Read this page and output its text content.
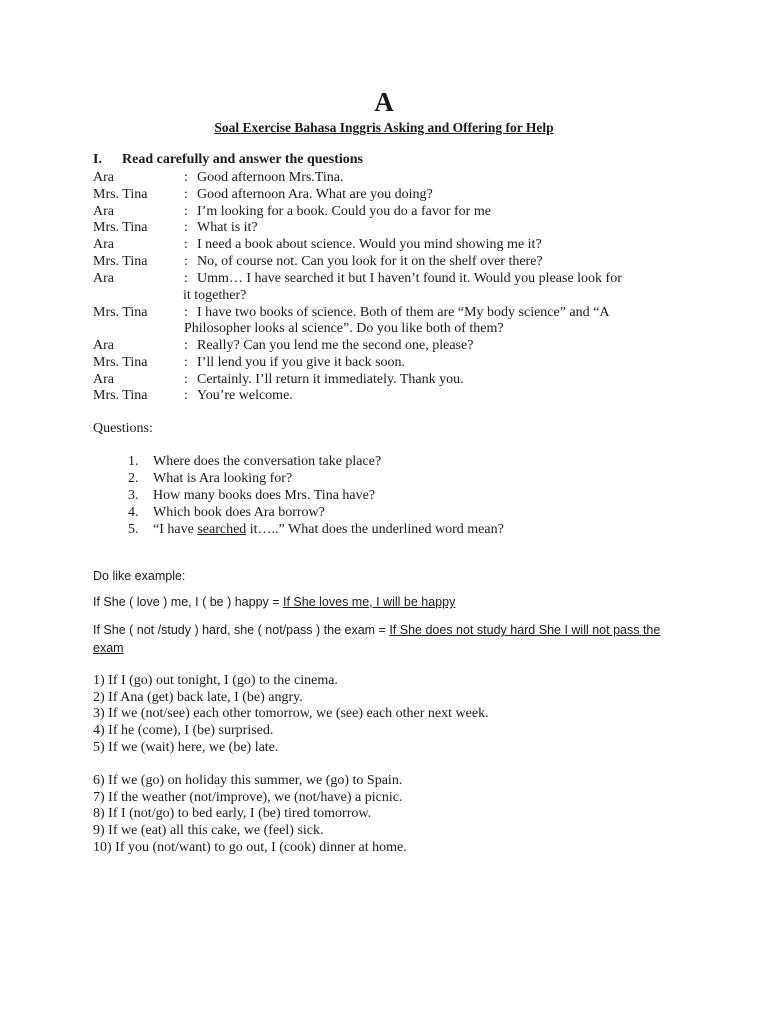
A
Soal Exercise Bahasa Inggris Asking and Offering for Help
I. Read carefully and answer the questions
Ara	: Good afternoon Mrs.Tina.
Mrs. Tina	: Good afternoon Ara. What are you doing?
Ara	: I’m looking for a book. Could you do a favor for me
Mrs. Tina	: What is it?
Ara	: I need a book about science. Would you mind showing me it?
Mrs. Tina	: No, of course not. Can you look for it on the shelf over there?
Ara	: Umm… I have searched it but I haven’t found it. Would you please look for
it together?
Mrs. Tina	: I have two books of science. Both of them are “My body science” and “A
Philosopher looks al science”. Do you like both of them?
Ara	: Really? Can you lend me the second one, please?
Mrs. Tina	: I’ll lend you if you give it back soon.
Ara	: Certainly. I’ll return it immediately. Thank you.
Mrs. Tina	: You’re welcome.
Questions:
1. Where does the conversation take place?
2. What is Ara looking for?
3. How many books does Mrs. Tina have?
4. Which book does Ara borrow?
5. “I have searched it…..” What does the underlined word mean?
Do like example:
If She ( love ) me, I ( be ) happy = If She loves me, I will be happy
If She ( not /study ) hard, she ( not/pass ) the exam = If She does not study hard She I will not pass the exam
1) If I (go) out tonight, I (go) to the cinema.
2) If Ana (get) back late, I (be) angry.
3) If we (not/see) each other tomorrow, we (see) each other next week.
4) If he (come), I (be) surprised.
5) If we (wait) here, we (be) late.
6) If we (go) on holiday this summer, we (go) to Spain.
7) If the weather (not/improve), we (not/have) a picnic.
8) If I (not/go) to bed early, I (be) tired tomorrow.
9) If we (eat) all this cake, we (feel) sick.
10) If you (not/want) to go out, I (cook) dinner at home.
